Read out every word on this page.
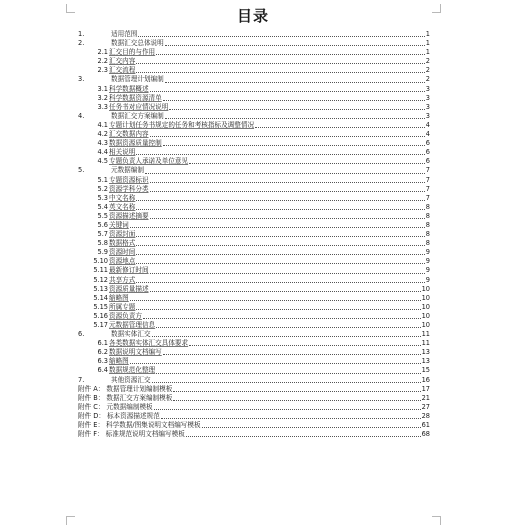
目录
1.	适用范围	1
2.	数据汇交总体说明	1
2.1 汇交目的与作用	1
2.2 汇交内容	2
2.3 汇交流程	2
3.	数据管理计划编制	2
3.1 科学数据概述	3
3.2 科学数据资源清单	3
3.3 任务书对应情况说明	3
4.	数据汇交方案编制	3
4.1 专题计划任务书规定的任务和考核指标及调整情况	4
4.2 汇交数据内容	4
4.3 数据资源质量控制	6
4.4 相关说明	6
4.5 专题负责人承诺及单位意见	6
5.	元数据编制	7
5.1 专题资源标识	7
5.2 资源学科分类	7
5.3 中文名称	7
5.4 英文名称	8
5.5 资源描述摘要	8
5.6 关键词	8
5.7 资源封面	8
5.8 数据格式	8
5.9 资源时间	9
5.10 资源地点	9
5.11 最新修订时间	9
5.12 共享方式	9
5.13 资源质量描述	10
5.14 缩略图	10
5.15 所属专题	10
5.16 资源负责方	10
5.17 元数据管理信息	10
6.	数据实体汇交	11
6.1 各类数据实体汇交具体要求	11
6.2 数据说明文档编写	13
6.3 缩略图	13
6.4 数据规范化整理	15
7.	其他资源汇交	16
附件 A： 数据管理计划编制模板	17
附件 B： 数据汇交方案编制模板	21
附件 C： 元数据编制模板	27
附件 D： 标本资源描述规范	28
附件 E： 科学数据/图集说明文档编写模板	61
附件 F： 标准规范说明文档编写模板	68
